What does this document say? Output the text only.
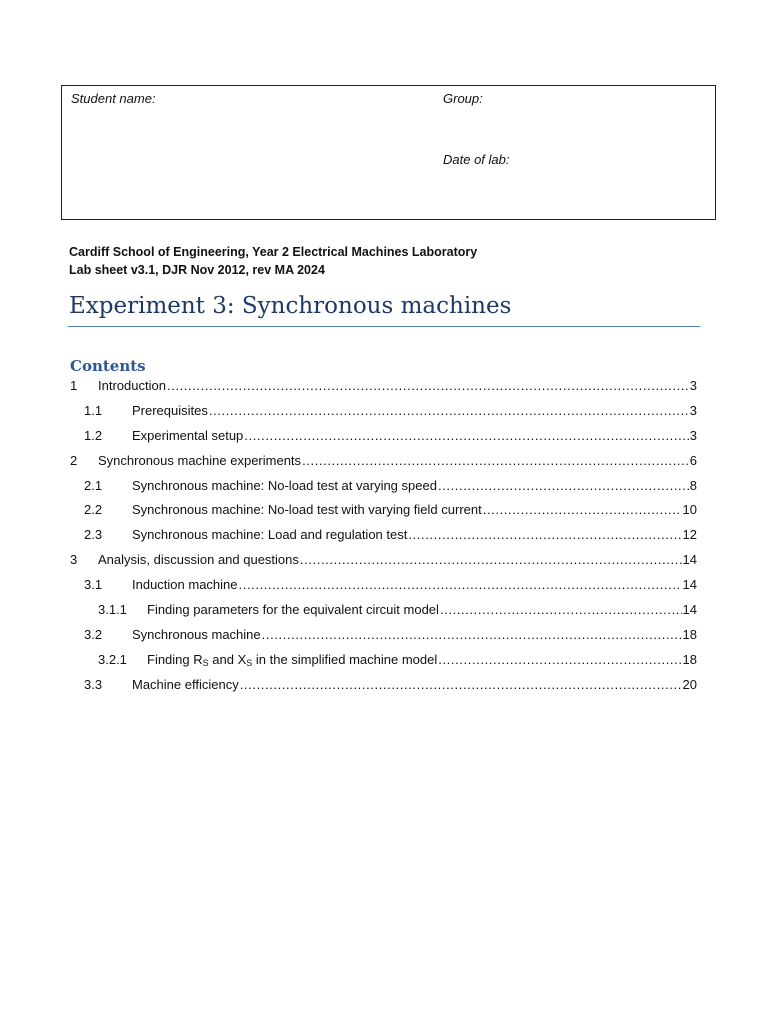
Student name:	Group:
Date of lab:
Cardiff School of Engineering, Year 2 Electrical Machines Laboratory
Lab sheet v3.1, DJR Nov 2012, rev MA 2024
Experiment 3: Synchronous machines
Contents
1 Introduction .....	3
1.1 Prerequisites .....	3
1.2 Experimental setup .....	3
2 Synchronous machine experiments .....	6
2.1 Synchronous machine: No-load test at varying speed .....	8
2.2 Synchronous machine: No-load test with varying field current .....	10
2.3 Synchronous machine: Load and regulation test .....	12
3 Analysis, discussion and questions .....	14
3.1 Induction machine .....	14
3.1.1 Finding parameters for the equivalent circuit model .....	14
3.2 Synchronous machine .....	18
3.2.1 Finding $R_S$ and $X_S$ in the simplified machine model .....	18
3.3 Machine efficiency .....	20
